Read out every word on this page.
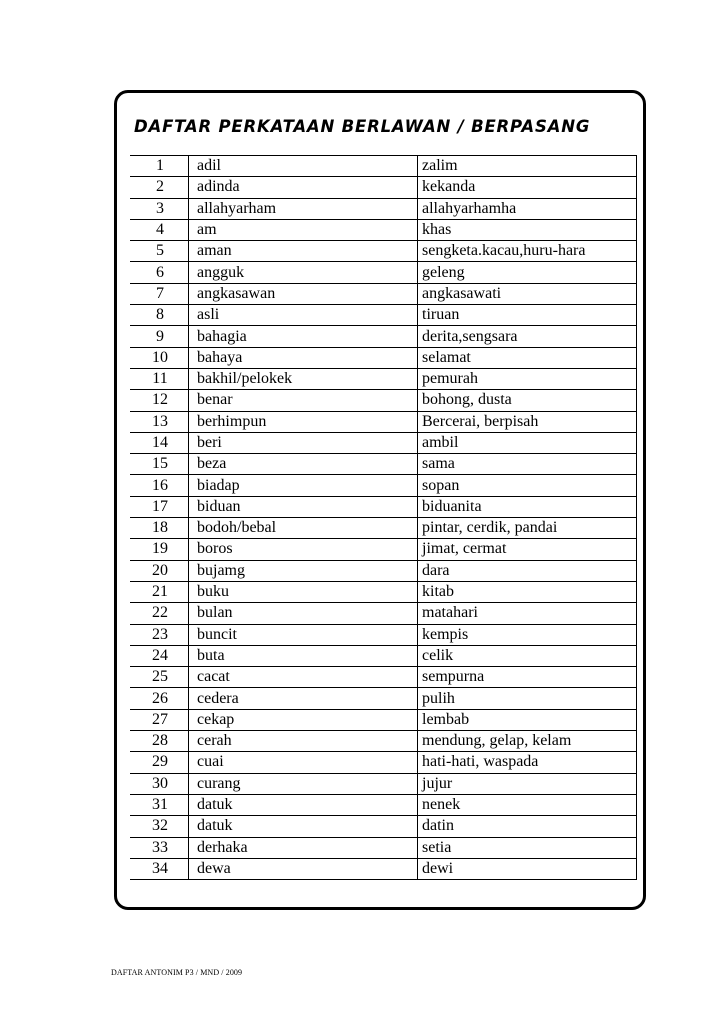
DAFTAR PERKATAAN BERLAWAN / BERPASANG
1	adil	zalim
2	adinda	kekanda
3	allahyarham	allahyarhamha
4	am	khas
5	aman	sengketa.kacau,huru-hara
6	angguk	geleng
7	angkasawan	angkasawati
8	asli	tiruan
9	bahagia	derita,sengsara
10	bahaya	selamat
11	bakhil/pelokek	pemurah
12	benar	bohong, dusta
13	berhimpun	Bercerai, berpisah
14	beri	ambil
15	beza	sama
16	biadap	sopan
17	biduan	biduanita
18	bodoh/bebal	pintar, cerdik, pandai
19	boros	jimat, cermat
20	bujamg	dara
21	buku	kitab
22	bulan	matahari
23	buncit	kempis
24	buta	celik
25	cacat	sempurna
26	cedera	pulih
27	cekap	lembab
28	cerah	mendung, gelap, kelam
29	cuai	hati-hati, waspada
30	curang	jujur
31	datuk	nenek
32	datuk	datin
33	derhaka	setia
34	dewa	dewi
DAFTAR ANTONIM P3 / MND / 2009
